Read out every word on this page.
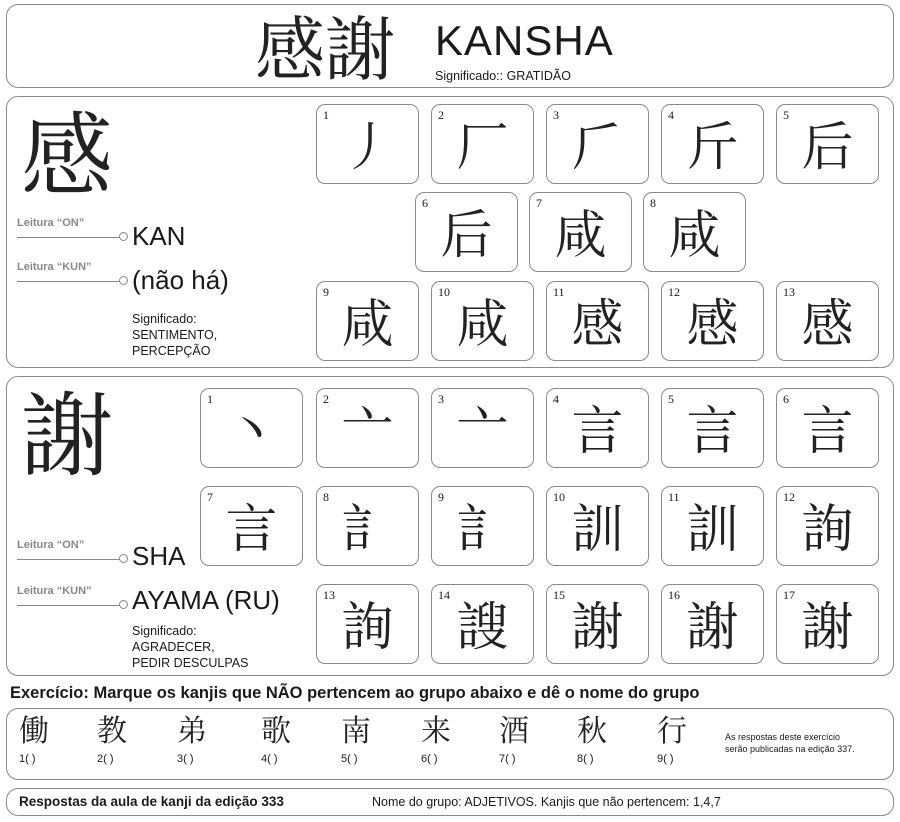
感謝 KANSHA
Significado:: GRATIDÃO
感
Leitura “ON” KAN
Leitura “KUN” (não há)
Significado:
SENTIMENTO,
PERCEPÇÃO
1
丿
2
厂
3
𠂆
4
斤
5
后
6
后
7
咸
8
咸
9
咸
10
咸
11
感
12
感
13
感
謝
Leitura “ON” SHA
Leitura “KUN” AYAMA (RU)
Significado:
AGRADECER,
PEDIR DESCULPAS
1
丶
2
亠
3
亠
4
言
5
言
6
言
7
言
8
訁
9
訁
10
訓
11
訓
12
詢
13
詢
14
謏
15
謝
16
謝
17
謝
Exercício: Marque os kanjis que NÃO pertencem ao grupo abaixo e dê o nome do grupo
働
1( )
教
2( )
弟
3( )
歌
4( )
南
5( )
来
6( )
酒
7( )
秋
8( )
行
9( )
As respostas deste exercício
serão publicadas na edição 337.
Respostas da aula de kanji da edição 333	Nome do grupo: ADJETIVOS. Kanjis que não pertencem: 1,4,7
